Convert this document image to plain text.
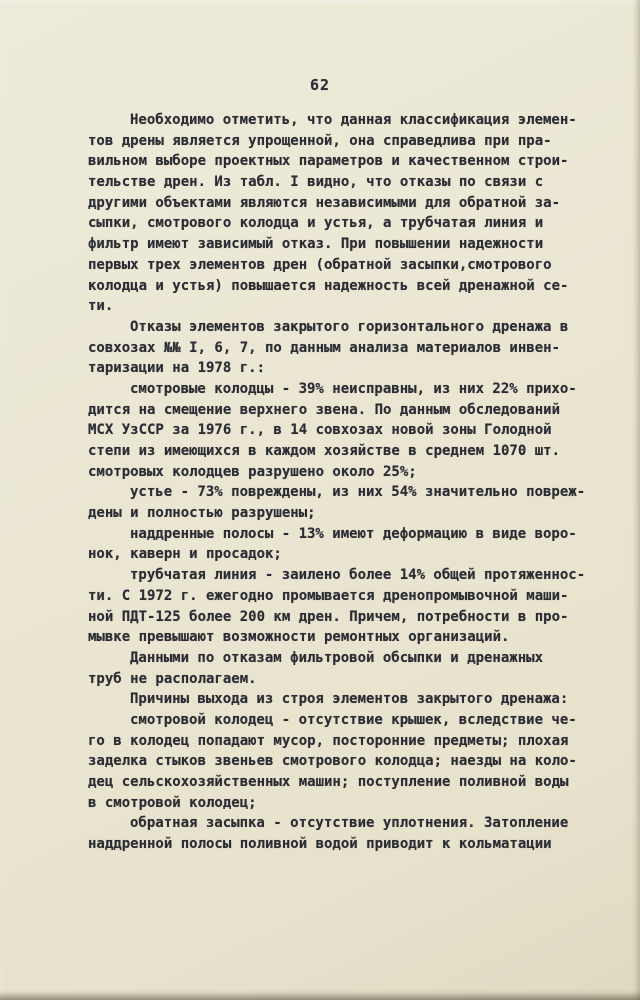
62
Необходимо отметить, что данная классификация элемен-
тов дрены является упрощенной, она справедлива при пра-
вильном выборе проектных параметров и качественном строи-
тельстве дрен. Из табл. I видно, что отказы по связи с
другими объектами являются независимыми для обратной за-
сыпки, смотрового колодца и устья, а трубчатая линия и
фильтр имеют зависимый отказ. При повышении надежности
первых трех элементов дрен (обратной засыпки,смотрового
колодца и устья) повышается надежность всей дренажной се-
ти.
Отказы элементов закрытого горизонтального дренажа в
совхозах №№ I, 6, 7, по данным анализа материалов инвен-
таризации на 1978 г.:
смотровые колодцы - 39% неисправны, из них 22% прихо-
дится на смещение верхнего звена. По данным обследований
МСХ УзССР за 1976 г., в 14 совхозах новой зоны Голодной
степи из имеющихся в каждом хозяйстве в среднем 1070 шт.
смотровых колодцев разрушено около 25%;
устье - 73% повреждены, из них 54% значительно повреж-
дены и полностью разрушены;
наддренные полосы - 13% имеют деформацию в виде воро-
нок, каверн и просадок;
трубчатая линия - заилено более 14% общей протяженнос-
ти. С 1972 г. ежегодно промывается дренопромывочной маши-
ной ПДТ-125 более 200 км дрен. Причем, потребности в про-
мывке превышают возможности ремонтных организаций.
Данными по отказам фильтровой обсыпки и дренажных
труб не располагаем.
Причины выхода из строя элементов закрытого дренажа:
смотровой колодец - отсутствие крышек, вследствие че-
го в колодец попадают мусор, посторонние предметы; плохая
заделка стыков звеньев смотрового колодца; наезды на коло-
дец сельскохозяйственных машин; поступление поливной воды
в смотровой колодец;
обратная засыпка - отсутствие уплотнения. Затопление
наддренной полосы поливной водой приводит к кольматации
